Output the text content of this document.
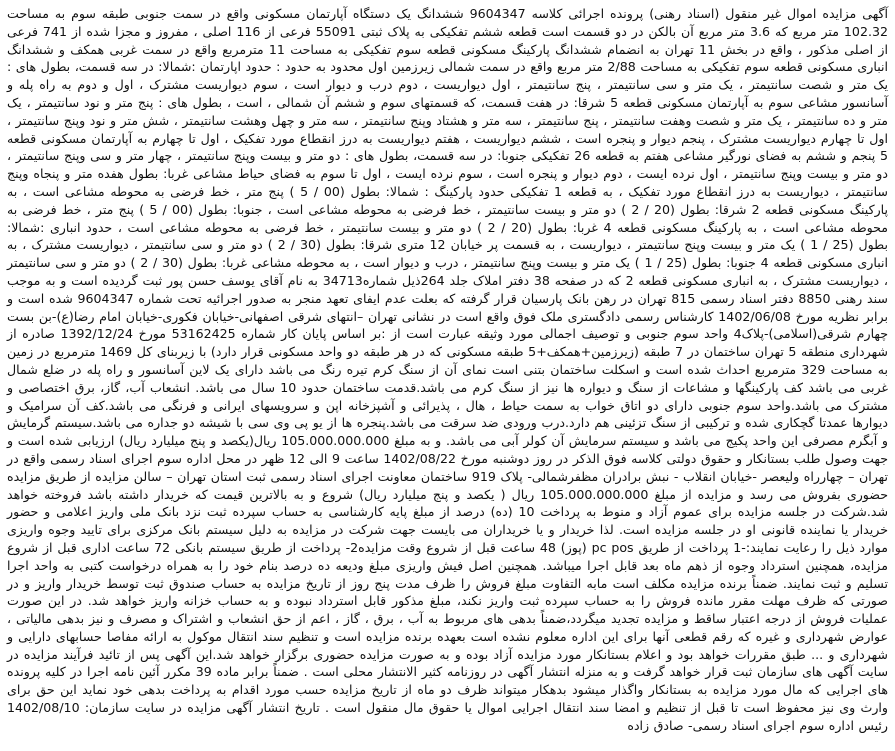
آگهی مزایده اموال غیر منقول (اسناد رهنی) پرونده اجرائی کلاسه 9604347 ششدانگ یک دستگاه آپارتمان مسکونی واقع در سمت جنوبی طبقه سوم به مساحت 102.32 متر مربع که 3.6 متر مربع آن بالکن در دو قسمت است قطعه ششم تفکیکی به پلاک ثبتی 55091 فرعی از 116 اصلی ، مفروز و مجزا شده از 741 فرعی از اصلی مذکور ، واقع در بخش 11 تهران به انضمام ششدانگ پارکینگ مسکونی قطعه سوم تفکیکی به مساحت 11 مترمربع واقع در سمت غربی همکف و ششدانگ انباری مسکونی قطعه سوم تفکیکی به مساحت 2/88 متر مربع واقع در سمت شمالی زیرزمین اول محدود به حدود : حدود اپارتمان :شمالا: در سه قسمت، بطول های : یک متر و شصت سانتیمتر ، یک متر و سی سانتیمتر ، پنج سانتیمتر ، اول دیواریست ، دوم درب و دیوار است ، سوم دیواریست مشترک ، اول و دوم به راه پله و آسانسور مشاعی سوم به آپارتمان مسکونی قطعه 5 شرقا: در هفت قسمت، که قسمتهای سوم و ششم آن شمالی ، است ، بطول های : پنج متر و نود سانتیمتر ، یک متر و ده سانتیمتر ، یک متر و شصت وهفت سانتیمتر ، پنج سانتیمتر ، سه متر و هشتاد وپنج سانتیمتر ، سه متر و چهل وهشت سانتیمتر ، شش متر و نود وپنج سانتیمتر ، اول تا چهارم دیواریست مشترک ، پنجم دیوار و پنجره است ، ششم دیواریست ، هفتم دیواریست به درز انقطاع مورد تفکیک ، اول تا چهارم به آپارتمان مسکونی قطعه 5 پنجم و ششم به فضای نورگیر مشاعی هفتم به قطعه 26 تفکیکی جنوبا: در سه قسمت، بطول های : دو متر و بیست وپنج سانتیمتر ، چهار متر و سی وپنج سانتیمتر ، دو متر و بیست وپنج سانتیمتر ، اول نرده ایست ، دوم دیوار و پنجره است ، سوم نرده ایست ، اول تا سوم به فضای حیاط مشاعی غربا: بطول هفده متر و پنجاه وپنج سانتیمتر ، دیواریست به درز انقطاع مورد تفکیک ، به قطعه 1 تفکیکی حدود پارکینگ : شمالا: بطول (00 / 5 ) پنج متر ، خط فرضی به محوطه مشاعی است ، به پارکینگ مسکونی قطعه 2 شرقا: بطول (20 / 2 ) دو متر و بیست سانتیمتر ، خط فرضی به محوطه مشاعی است ، جنوبا: بطول (00 / 5 ) پنج متر ، خط فرضی به محوطه مشاعی است ، به پارکینگ مسکونی قطعه 4 غربا: بطول (20 / 2 ) دو متر و بیست سانتیمتر ، خط فرضی به محوطه مشاعی است ، حدود انباری :شمالا: بطول (25 / 1 ) یک متر و بیست وپنج سانتیمتر ، دیواریست ، به قسمت پر خیابان 12 متری شرقا: بطول (30 / 2 ) دو متر و سی سانتیمتر ، دیواریست مشترک ، به انباری مسکونی قطعه 4 جنوبا: بطول (25 / 1 ) یک متر و بیست وپنج سانتیمتر ، درب و دیوار است ، به محوطه مشاعی غربا: بطول (30 / 2 ) دو متر و سی سانتیمتر ، دیواریست مشترک ، به انباری مسکونی قطعه 2 که در صفحه 38 دفتر املاک جلد 264ذیل شماره34713 به نام آقای یوسف حسن پور ثبت گردیده است و به موجب سند رهنی 8850 دفتر اسناد رسمی 815 تهران در رهن بانک پارسیان قرار گرفته که بعلت عدم ایفای تعهد منجر به صدور اجرائیه تحت شماره 9604347 شده است و برابر نظریه مورخ 1402/06/08 کارشناس رسمی دادگستری ملک فوق واقع است در نشانی تهران –انتهای شرقی اصفهانی-خیابان فکوری-خیابان امام رضا(ع)-بن بست چهارم شرقی(اسلامی)-پلاک4 واحد سوم جنوبی و توصیف اجمالی مورد وثیقه عبارت است از :بر اساس پایان کار شماره 53162425 مورخ 1392/12/24 صادره از شهرداری منطقه 5 تهران ساختمان در 7 طبقه (زیرزمین+همکف+5 طبقه مسکونی که در هر طبقه دو واحد مسکونی قرار دارد) با زیربنای کل 1469 مترمربع در زمین به مساحت 329 مترمربع احداث شده است و اسکلت ساختمان بتنی است نمای آن از سنگ کرم تیره رنگ می باشد دارای یک لاین آسانسور و راه پله در ضلع شمال غربی می باشد کف پارکینگها و مشاعات از سنگ و دیواره ها نیز از سنگ کرم می باشد.قدمت ساختمان حدود 10 سال می باشد. انشعاب آب، گاز، برق اختصاصی و مشترک می باشد.واحد سوم جنوبی دارای دو اتاق خواب به سمت حیاط ، هال ، پذیرائی و آشپزخانه اپن و سرویسهای ایرانی و فرنگی می باشد.کف آن سرامیک و دیوارها عمدتا گچکاری شده و ترکیبی از سنگ تزئینی هم دارد.درب ورودی ضد سرقت می باشد.پنجره ها از یو پی وی سی با شیشه دو جداره می باشد.سیستم گرمایش و آبگرم مصرفی این واحد پکیج می باشد و سیستم سرمایش آن کولر آبی می باشد. و به مبلغ 105.000.000.000 ریال(یکصد و پنج میلیارد ریال) ارزیابی شده است و جهت وصول طلب بستانکار و حقوق دولتی کلاسه فوق الذکر در روز دوشنبه مورخ 1402/08/22 ساعت 9 الی 12 ظهر در محل اداره سوم اجرای اسناد رسمی واقع در تهران – چهارراه ولیعصر -خیابان انقلاب - نبش برادران مظفرشمالی- پلاک 919 ساختمان معاونت اجرای اسناد رسمی ثبت استان تهران – سالن مزایده از طریق مزایده حضوری بفروش می رسد و مزایده از مبلغ 105.000.000.000 ریال ( یکصد و پنج میلیارد ریال) شروع و به بالاترین قیمت که خریدار داشته باشد فروخته خواهد شد.شرکت در جلسه مزایده برای عموم آزاد و منوط به پرداخت 10 (ده) درصد از مبلغ پایه کارشناسی به حساب سپرده ثبت نزد بانک ملی واریز اعلامی و حضور خریدار یا نماینده قانونی او در جلسه مزایده است. لذا خریدار و یا خریداران می بایست جهت شرکت در مزایده به دلیل سیستم بانک مرکزی برای تایید وجوه واریزی موارد ذیل را رعایت نمایند:-1 پرداخت از طریق pc pos (پوز) 48 ساعت قبل از شروع وقت مزایده2- پرداخت از طریق سیستم بانکی 72 ساعت اداری قبل از شروع مزایده، همچنین استرداد وجوه از ذهم ماه بعد قابل اجرا میباشد. همچنین اصل فیش واریزی مبلغ ودیعه ده درصد بنام خود را به همراه درخواست کتبی به واحد اجرا تسلیم و ثبت نمایند. ضمناً برنده مزایده مکلف است مابه التفاوت مبلغ فروش را ظرف مدت پنج روز از تاریخ مزایده به حساب صندوق ثبت توسط خریدار واریز و در صورتی که ظرف مهلت مقرر مانده فروش را به حساب سپرده ثبت واریز نکند، مبلغ مذکور قابل استرداد نبوده و به حساب خزانه واریز خواهد شد. در این صورت عملیات فروش از درجه اعتبار ساقط و مزایده تجدید میگردد،ضمناً بدهی های مربوط به آب ، برق ، گاز ، اعم از حق انشعاب و اشتراک و مصرف و نیز بدهی مالیاتی ، عوارض شهرداری و غیره که رقم قطعی آنها برای این اداره معلوم نشده است بعهده برنده مزایده است و تنظیم سند انتقال موکول به ارائه مفاصا حسابهای دارایی و شهرداری و ... طبق مقررات خواهد بود و اعلام بستانکار مورد مزایده آزاد بوده و به صورت مزایده حضوری برگزار خواهد شد.این آگهی پس از تائید فرآیند مزایده در سایت آگهی های سازمان ثبت قرار خواهد گرفت و به منزله انتشار آگهی در روزنامه کثیر الانتشار محلی است . ضمناً برابر ماده 39 مکرر آئین نامه اجرا در کلیه پرونده های اجرایی که مال مورد مزایده به بستانکار واگذار میشود بدهکار میتواند ظرف دو ماه از تاریخ مزایده حسب مورد اقدام به پرداخت بدهی خود نماید این حق برای وارث وی نیز محفوظ است تا قبل از تنظیم و امضا سند انتقال اجرایی اموال یا حقوق مال منقول است . تاریخ انتشار آگهی مزایده در سایت سازمان: 1402/08/10 رئیس اداره سوم اجرای اسناد رسمی- صادق زاده
